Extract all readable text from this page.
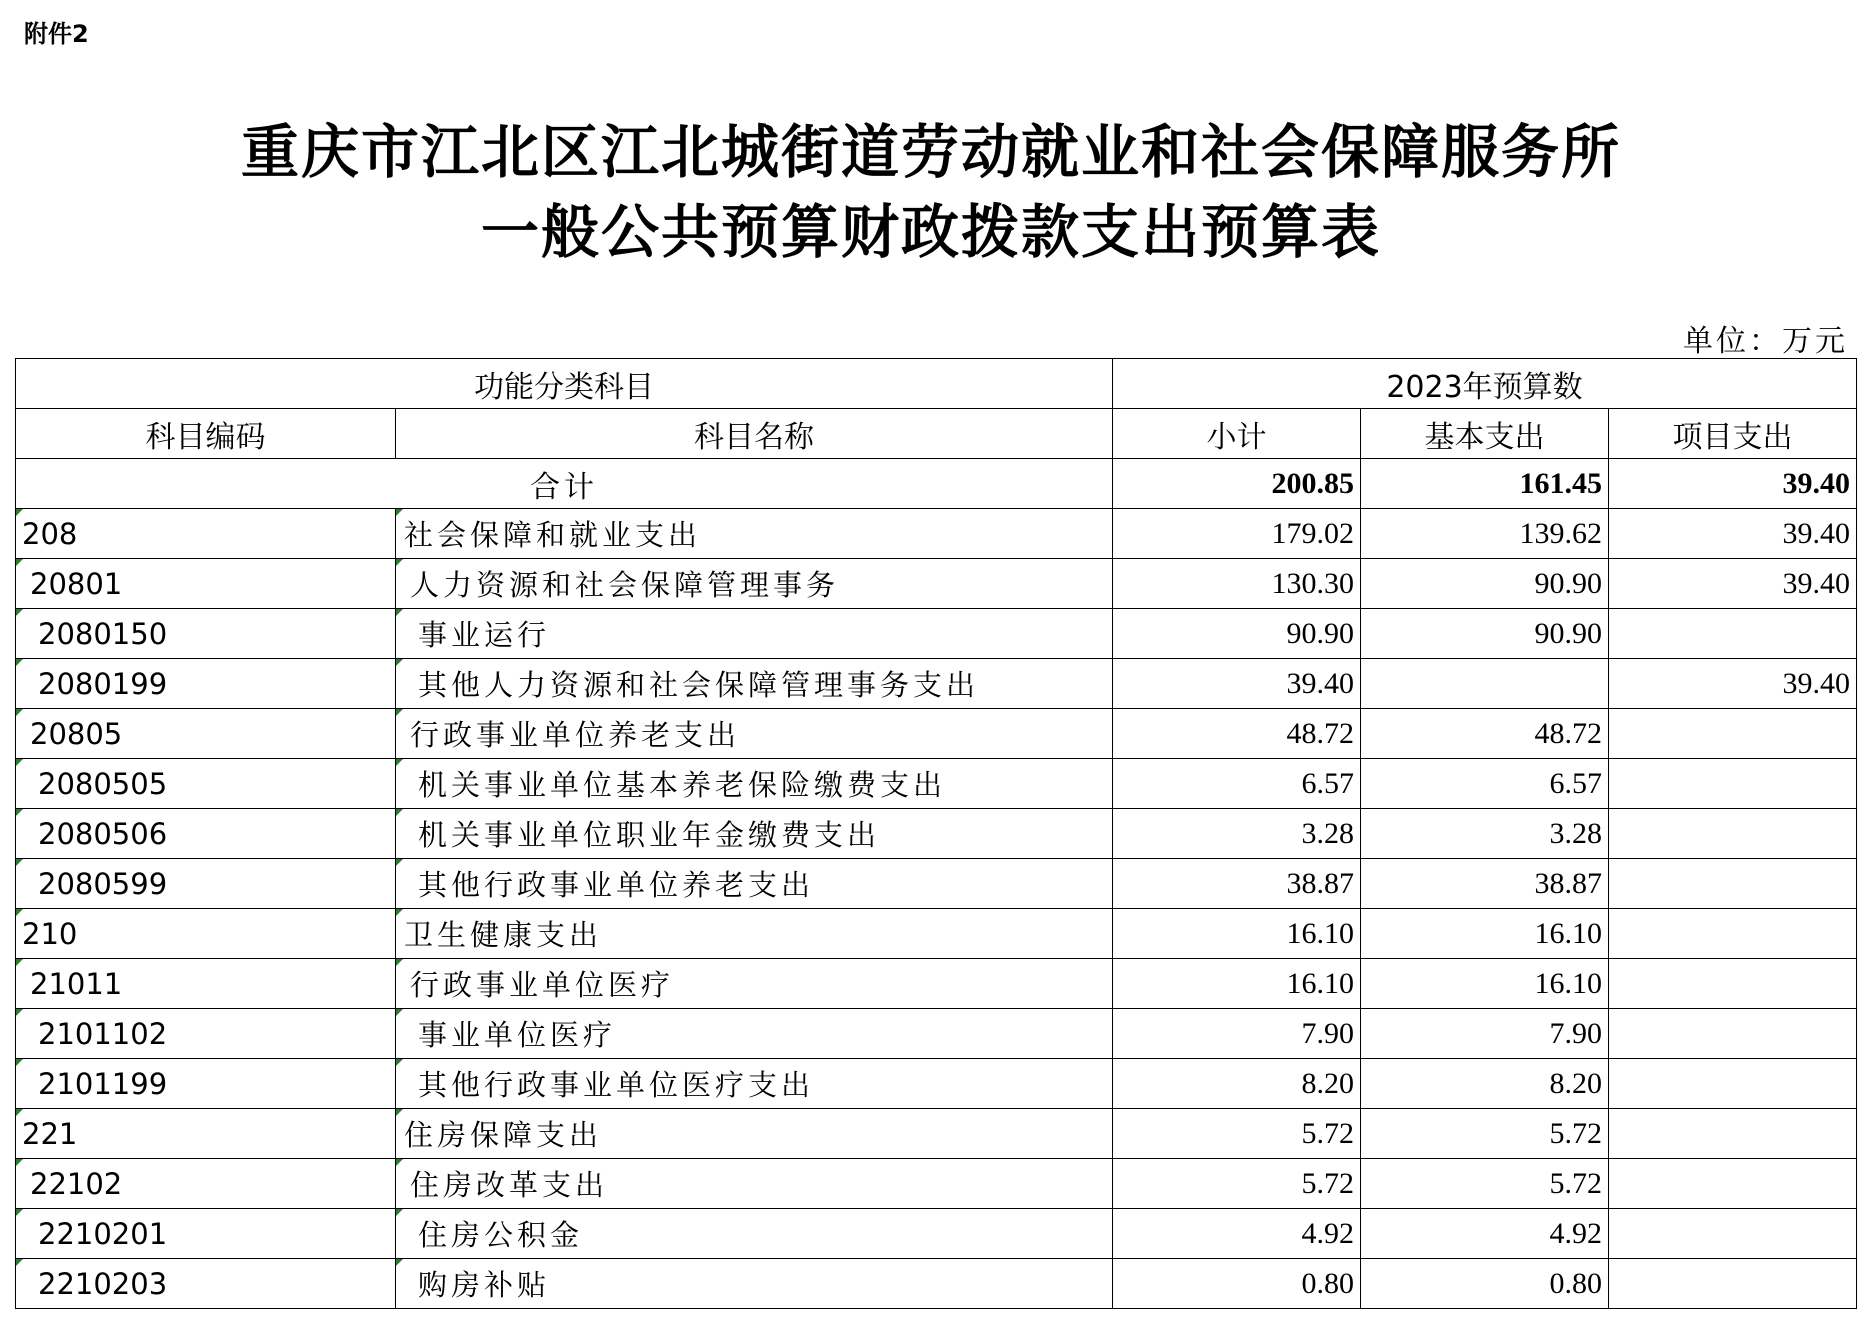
附件2
重庆市江北区江北城街道劳动就业和社会保障服务所
一般公共预算财政拨款支出预算表
单位：万元
功能分类科目		2023年预算数		
科目编码	科目名称	小计	基本支出	项目支出
合计		200.85	161.45	39.40
208	社会保障和就业支出	179.02	139.62	39.40
20801	人力资源和社会保障管理事务	130.30	90.90	39.40
2080150	事业运行	90.90	90.90	
2080199	其他人力资源和社会保障管理事务支出	39.40		39.40
20805	行政事业单位养老支出	48.72	48.72	
2080505	机关事业单位基本养老保险缴费支出	6.57	6.57	
2080506	机关事业单位职业年金缴费支出	3.28	3.28	
2080599	其他行政事业单位养老支出	38.87	38.87	
210	卫生健康支出	16.10	16.10	
21011	行政事业单位医疗	16.10	16.10	
2101102	事业单位医疗	7.90	7.90	
2101199	其他行政事业单位医疗支出	8.20	8.20	
221	住房保障支出	5.72	5.72	
22102	住房改革支出	5.72	5.72	
2210201	住房公积金	4.92	4.92	
2210203	购房补贴	0.80	0.80	
